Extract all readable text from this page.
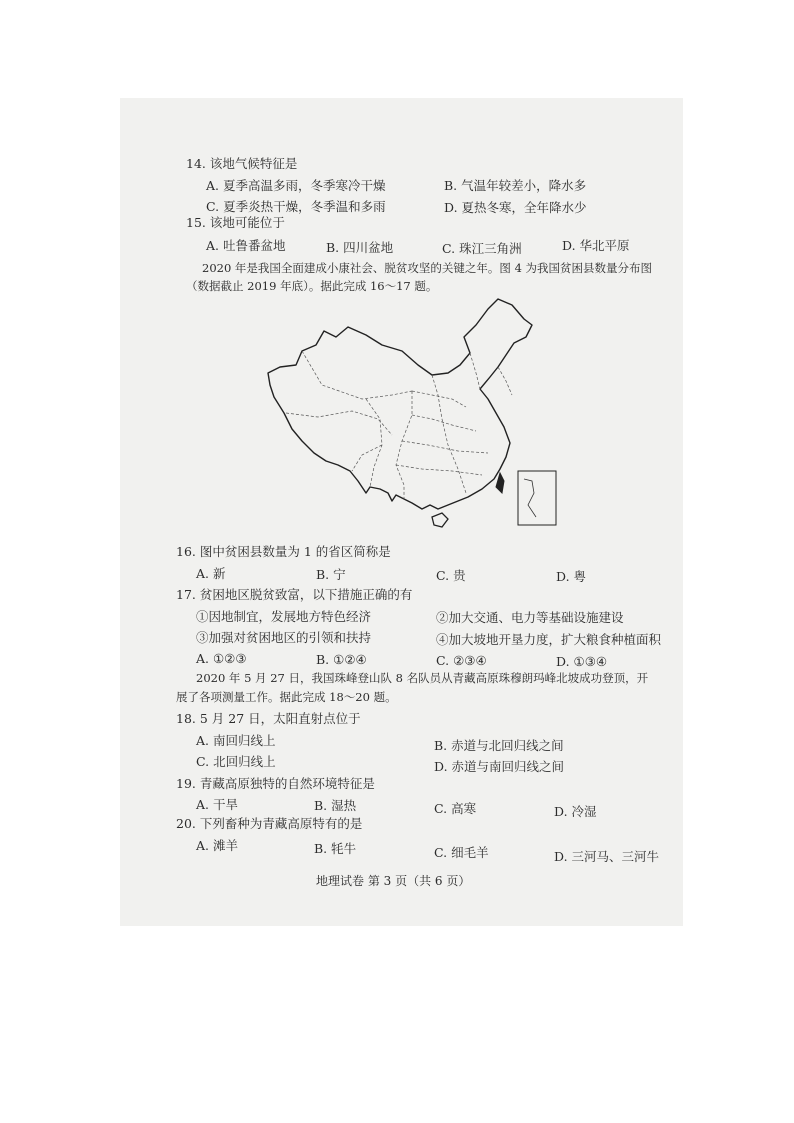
14. 该地气候特征是
A. 夏季高温多雨，冬季寒冷干燥	B. 气温年较差小，降水多
C. 夏季炎热干燥，冬季温和多雨	D. 夏热冬寒，全年降水少
15. 该地可能位于
A. 吐鲁番盆地	B. 四川盆地	C. 珠江三角洲	D. 华北平原
2020 年是我国全面建成小康社会、脱贫攻坚的关键之年。图 4 为我国贫困县数量分布图
（数据截止 2019 年底）。据此完成 16～17 题。
16. 图中贫困县数量为 1 的省区简称是
A. 新	B. 宁	C. 贵	D. 粤
17. 贫困地区脱贫致富，以下措施正确的有
①因地制宜，发展地方特色经济	②加大交通、电力等基础设施建设
③加强对贫困地区的引领和扶持	④加大坡地开垦力度，扩大粮食种植面积
A. ①②③	B. ①②④	C. ②③④	D. ①③④
2020 年 5 月 27 日，我国珠峰登山队 8 名队员从青藏高原珠穆朗玛峰北坡成功登顶，开
展了各项测量工作。据此完成 18～20 题。
18. 5 月 27 日，太阳直射点位于
A. 南回归线上	B. 赤道与北回归线之间
C. 北回归线上	D. 赤道与南回归线之间
19. 青藏高原独特的自然环境特征是
A. 干旱	B. 湿热	C. 高寒	D. 冷湿
20. 下列畜种为青藏高原特有的是
A. 滩羊	B. 牦牛	C. 细毛羊	D. 三河马、三河牛
地理试卷 第 3 页（共 6 页）
